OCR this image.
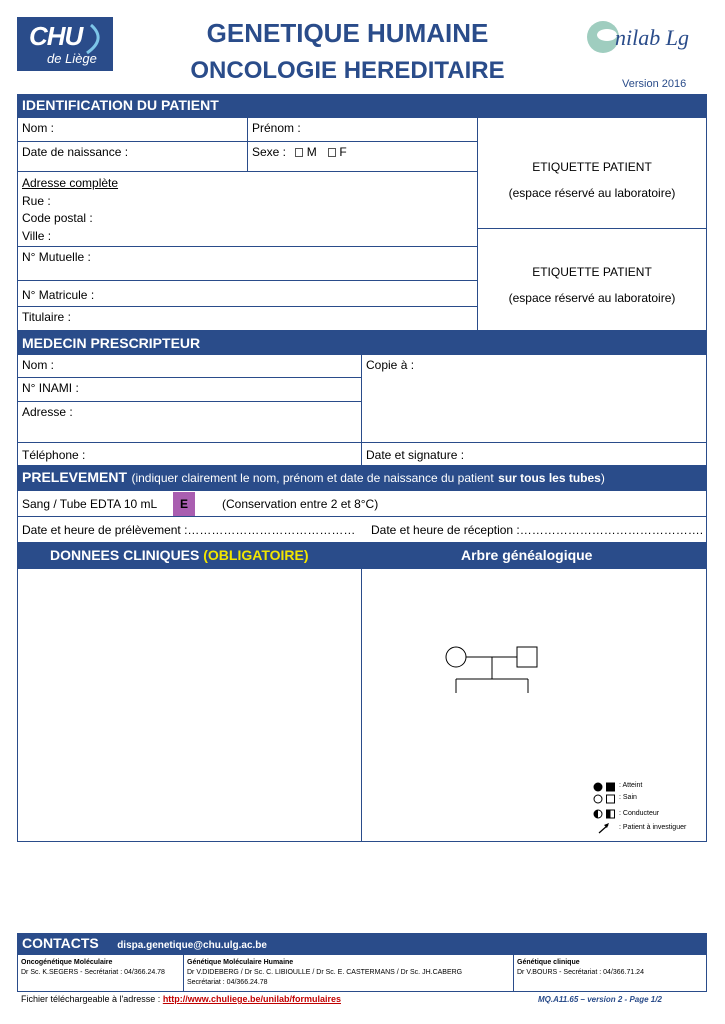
CHU
de Liège
GENETIQUE HUMAINE
ONCOLOGIE HEREDITAIRE
nilab Lg
Version 2016
IDENTIFICATION DU PATIENT
Nom :	Prénom :
Date de naissance :	Sexe : M F
Adresse complète
Rue :
Code postal :
Ville :
N° Mutuelle :
N° Matricule :
Titulaire :
ETIQUETTE PATIENT
(espace réservé au laboratoire)
ETIQUETTE PATIENT
(espace réservé au laboratoire)
MEDECIN PRESCRIPTEUR
Nom :	Copie à :
N° INAMI :
Adresse :
Téléphone :	Date et signature :
PRELEVEMENT (indiquer clairement le nom, prénom et date de naissance du patient sur tous les tubes)
Sang / Tube EDTA 10 mL	E	(Conservation entre 2 et 8°C)
Date et heure de prélèvement :……………………………………	Date et heure de réception :……………………………………….
DONNEES CLINIQUES (OBLIGATOIRE)	Arbre généalogique
: Atteint
: Sain
: Conducteur
: Patient à investiguer
CONTACTS dispa.genetique@chu.ulg.ac.be
Oncogénétique Moléculaire
Dr Sc. K.SEGERS - Secrétariat : 04/366.24.78
Génétique Moléculaire Humaine
Dr V.DIDEBERG / Dr Sc. C. LIBIOULLE / Dr Sc. E. CASTERMANS / Dr Sc. JH.CABERG
Secrétariat : 04/366.24.78
Génétique clinique
Dr V.BOURS - Secrétariat : 04/366.71.24
Fichier téléchargeable à l'adresse : http://www.chuliege.be/unilab/formulaires	MQ.A11.65 – version 2 - Page 1/2
